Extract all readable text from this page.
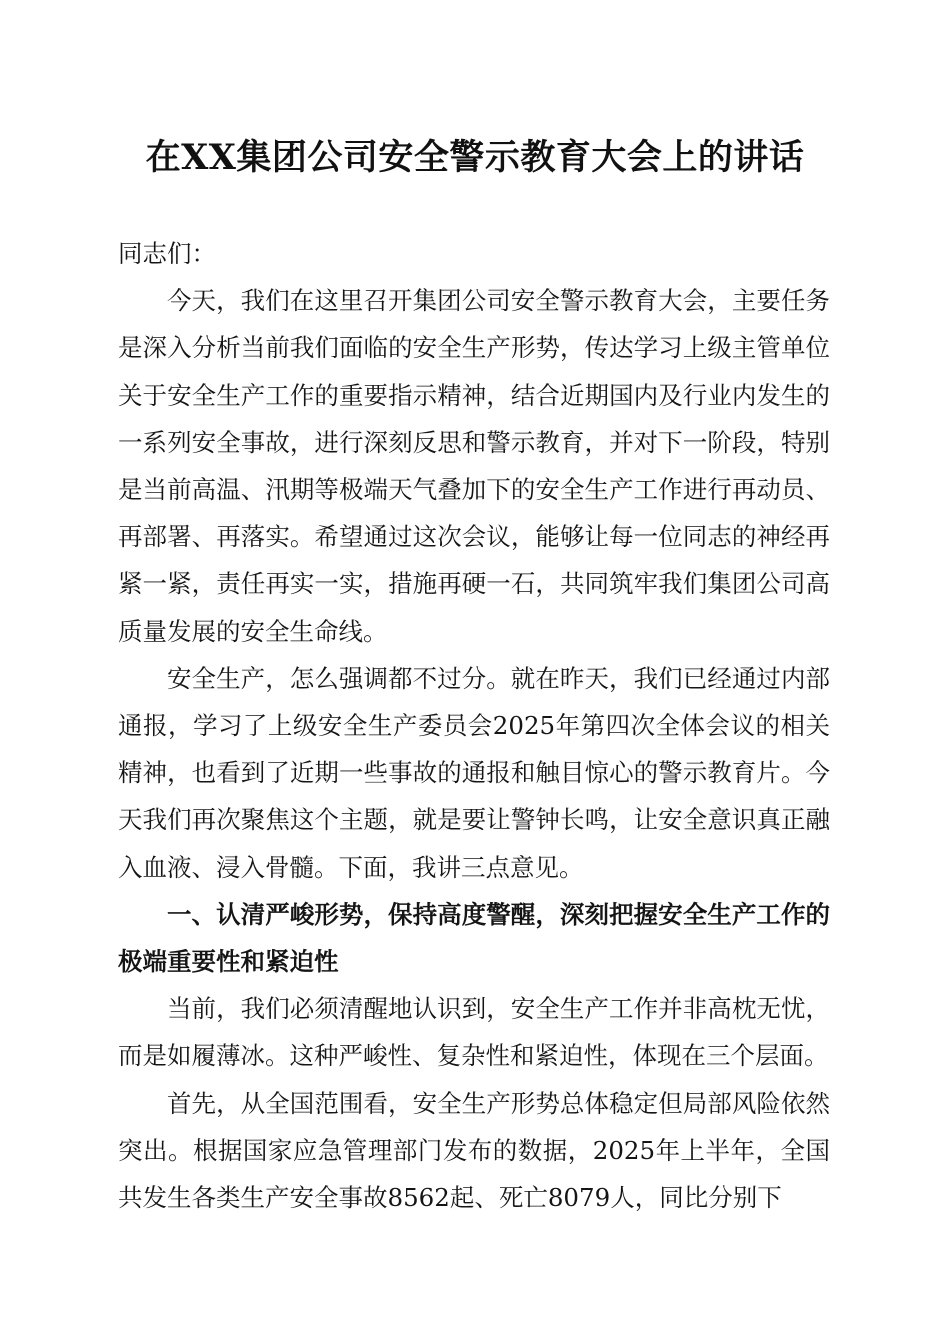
在XX集团公司安全警示教育大会上的讲话

同志们：

今天，我们在这里召开集团公司安全警示教育大会，主要任务是深入分析当前我们面临的安全生产形势，传达学习上级主管单位关于安全生产工作的重要指示精神，结合近期国内及行业内发生的一系列安全事故，进行深刻反思和警示教育，并对下一阶段，特别是当前高温、汛期等极端天气叠加下的安全生产工作进行再动员、再部署、再落实。希望通过这次会议，能够让每一位同志的神经再紧一紧，责任再实一实，措施再硬一石，共同筑牢我们集团公司高质量发展的安全生命线。

安全生产，怎么强调都不过分。就在昨天，我们已经通过内部通报，学习了上级安全生产委员会2025年第四次全体会议的相关精神，也看到了近期一些事故的通报和触目惊心的警示教育片。今天我们再次聚焦这个主题，就是要让警钟长鸣，让安全意识真正融入血液、浸入骨髓。下面，我讲三点意见。

一、认清严峻形势，保持高度警醒，深刻把握安全生产工作的极端重要性和紧迫性

当前，我们必须清醒地认识到，安全生产工作并非高枕无忧，而是如履薄冰。这种严峻性、复杂性和紧迫性，体现在三个层面。

首先，从全国范围看，安全生产形势总体稳定但局部风险依然突出。根据国家应急管理部门发布的数据，2025年上半年，全国共发生各类生产安全事故8562起、死亡8079人，同比分别下
